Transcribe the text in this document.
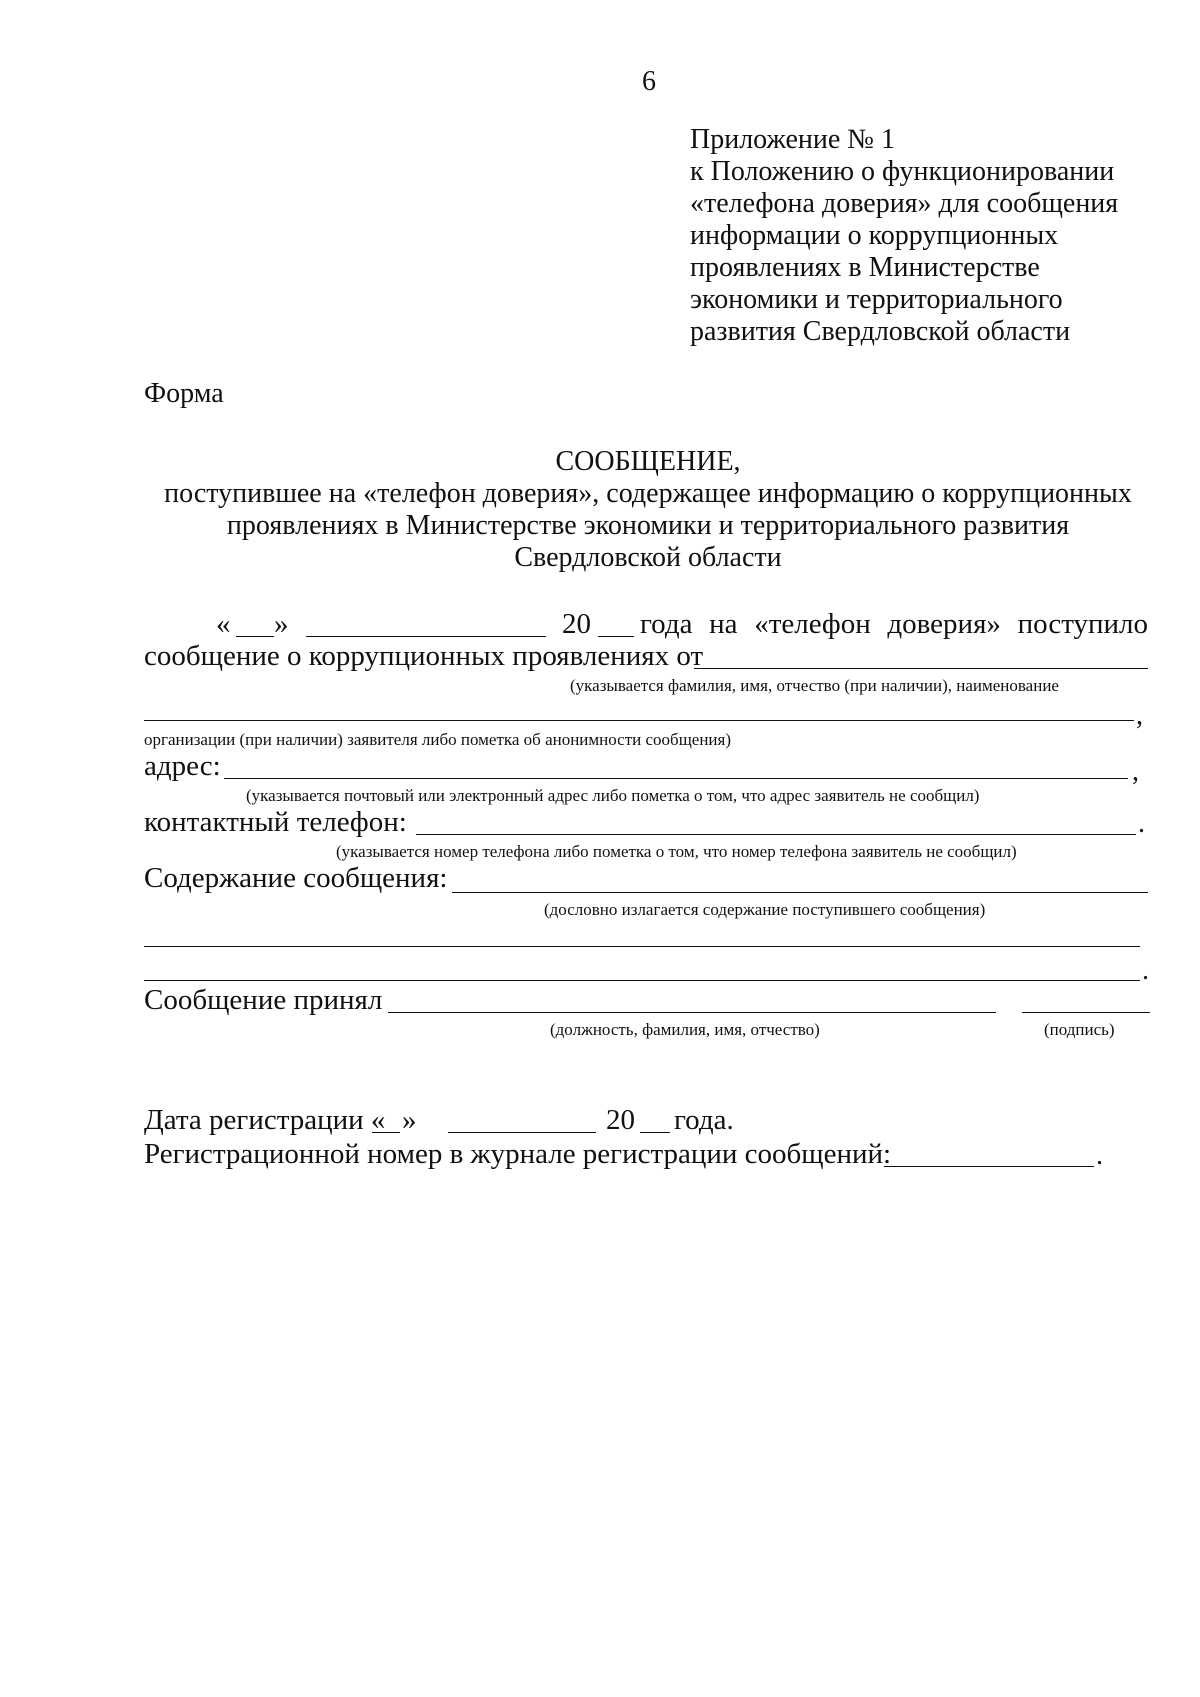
6
Приложение № 1
к Положению о функционировании
«телефона доверия» для сообщения
информации о коррупционных
проявлениях в Министерстве
экономики и территориального
развития Свердловской области
Форма
СООБЩЕНИЕ,
поступившее на «телефон доверия», содержащее информацию о коррупционных
проявлениях в Министерстве экономики и территориального развития
Свердловской области
« »	20 года на «телефон доверия» поступило
сообщение о коррупционных проявлениях от
(указывается фамилия, имя, отчество (при наличии), наименование
,
организации (при наличии) заявителя либо пометка об анонимности сообщения)
адрес:	,
(указывается почтовый или электронный адрес либо пометка о том, что адрес заявитель не сообщил)
контактный телефон:	.
(указывается номер телефона либо пометка о том, что номер телефона заявитель не сообщил)
Содержание сообщения:
(дословно излагается содержание поступившего сообщения)
.
Сообщение принял
(должность, фамилия, имя, отчество)	(подпись)
Дата регистрации « »	20 года.
Регистрационной номер в журнале регистрации сообщений:	.
